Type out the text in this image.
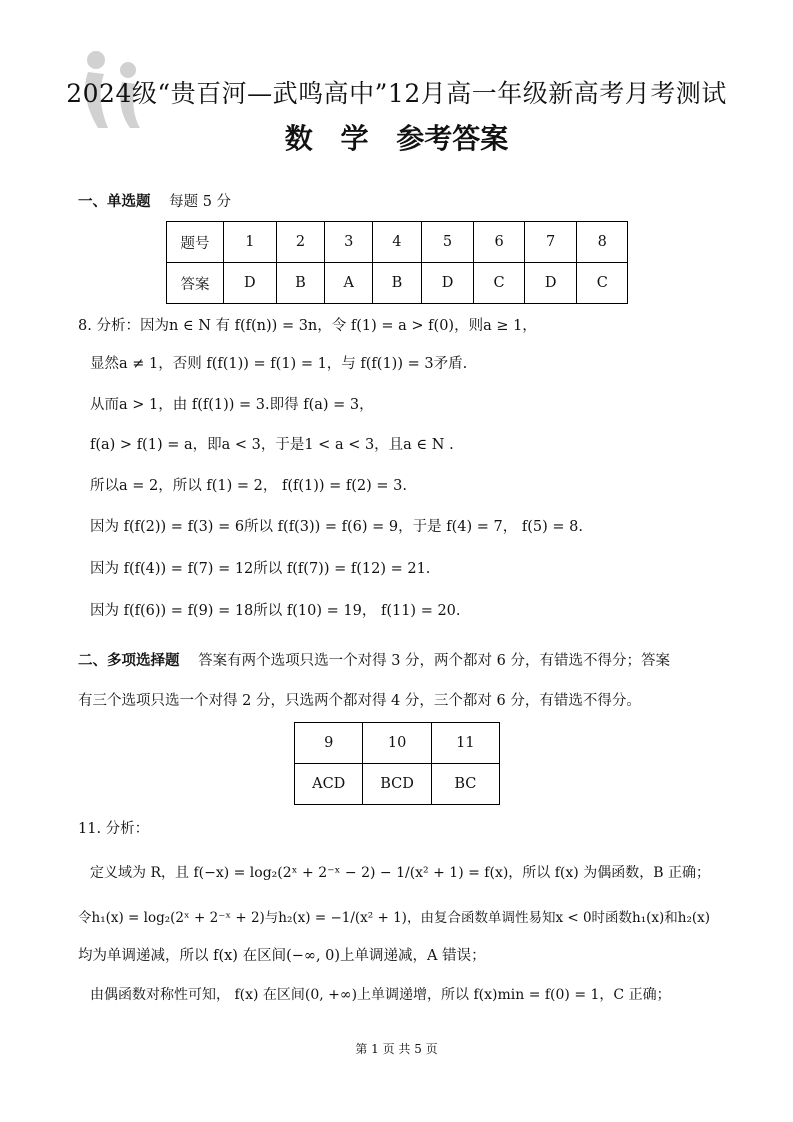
2024级“贵百河—武鸣高中”12月高一年级新高考月考测试
数 学 参考答案
一、单选题 每题 5 分
题号	1	2	3	4	5	6	7	8
答案	D	B	A	B	D	C	D	C
8. 分析：因为n ∈ N 有 f(f(n)) = 3n，令 f(1) = a > f(0)，则a ≥ 1，
显然a ≠ 1，否则 f(f(1)) = f(1) = 1，与 f(f(1)) = 3矛盾.
从而a > 1，由 f(f(1)) = 3.即得 f(a) = 3，
f(a) > f(1) = a，即a < 3，于是1 < a < 3，且a ∈ N .
所以a = 2，所以 f(1) = 2， f(f(1)) = f(2) = 3.
因为 f(f(2)) = f(3) = 6所以 f(f(3)) = f(6) = 9，于是 f(4) = 7， f(5) = 8.
因为 f(f(4)) = f(7) = 12所以 f(f(7)) = f(12) = 21.
因为 f(f(6)) = f(9) = 18所以 f(10) = 19， f(11) = 20.
二、多项选择题 答案有两个选项只选一个对得 3 分，两个都对 6 分，有错选不得分；答案
有三个选项只选一个对得 2 分，只选两个都对得 4 分，三个都对 6 分，有错选不得分。
9	10	11
ACD	BCD	BC
11. 分析：
定义域为 R，且 f(−x) = log₂(2ˣ + 2⁻ˣ − 2) − 1/(x² + 1) = f(x)，所以 f(x) 为偶函数，B 正确；
令h₁(x) = log₂(2ˣ + 2⁻ˣ + 2)与h₂(x) = −1/(x² + 1)，由复合函数单调性易知x < 0时函数h₁(x)和h₂(x)
均为单调递减，所以 f(x) 在区间(−∞, 0)上单调递减，A 错误；
由偶函数对称性可知， f(x) 在区间(0, +∞)上单调递增，所以 f(x)min = f(0) = 1，C 正确；
第 1 页 共 5 页
